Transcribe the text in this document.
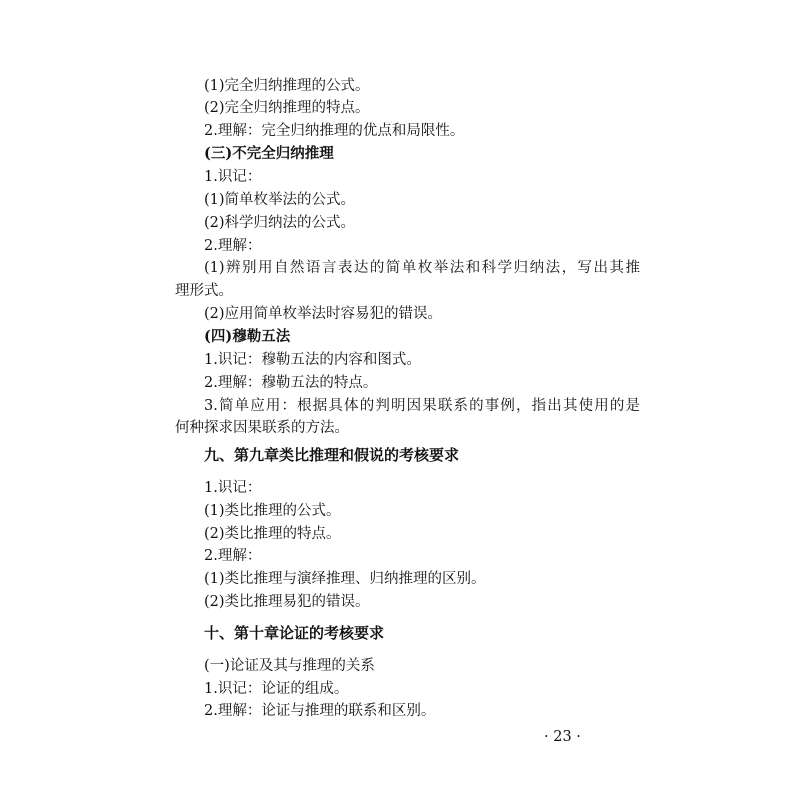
(1)完全归纳推理的公式。
(2)完全归纳推理的特点。
2.理解：完全归纳推理的优点和局限性。
(三)不完全归纳推理
1.识记：
(1)简单枚举法的公式。
(2)科学归纳法的公式。
2.理解：
(1)辨别用自然语言表达的简单枚举法和科学归纳法，写出其推
理形式。
(2)应用简单枚举法时容易犯的错误。
(四)穆勒五法
1.识记：穆勒五法的内容和图式。
2.理解：穆勒五法的特点。
3.简单应用：根据具体的判明因果联系的事例，指出其使用的是
何种探求因果联系的方法。
九、第九章类比推理和假说的考核要求
1.识记：
(1)类比推理的公式。
(2)类比推理的特点。
2.理解：
(1)类比推理与演绎推理、归纳推理的区别。
(2)类比推理易犯的错误。
十、第十章论证的考核要求
(一)论证及其与推理的关系
1.识记：论证的组成。
2.理解：论证与推理的联系和区别。
· 23 ·
